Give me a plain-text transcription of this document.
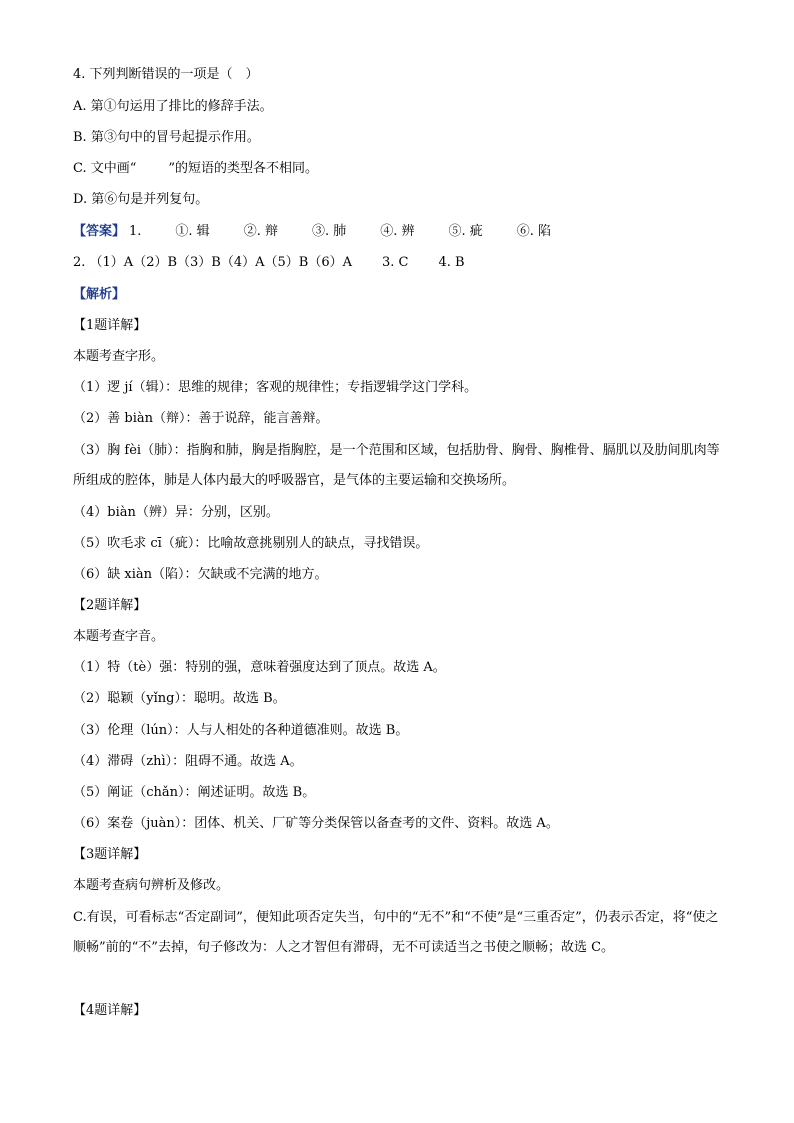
4. 下列判断错误的一项是（　）
A. 第①句运用了排比的修辞手法。
B. 第③句中的冒号起提示作用。
C. 文中画“ ”的短语的类型各不相同。
D. 第⑥句是并列复句。
【答案】 1.	①. 辑	②. 辩	③. 肺	④. 辨	⑤. 疵	⑥. 陷
2. （1）A（2）B（3）B（4）A（5）B（6）A 3. C 4. B
【解析】
【1题详解】
本题考查字形。
（1）逻 jí（辑）：思维的规律；客观的规律性；专指逻辑学这门学科。
（2）善 biàn（辩）：善于说辞，能言善辩。
（3）胸 fèi（肺）：指胸和肺，胸是指胸腔，是一个范围和区域，包括肋骨、胸骨、胸椎骨、膈肌以及肋间肌肉等所组成的腔体，肺是人体内最大的呼吸器官，是气体的主要运输和交换场所。
（4）biàn（辨）异：分别，区别。
（5）吹毛求 cī（疵）：比喻故意挑剔别人的缺点，寻找错误。
（6）缺 xiàn（陷）：欠缺或不完满的地方。
【2题详解】
本题考查字音。
（1）特（tè）强：特别的强，意味着强度达到了顶点。故选 A。
（2）聪颖（yǐng）：聪明。故选 B。
（3）伦理（lún）：人与人相处的各种道德准则。故选 B。
（4）滞碍（zhì）：阻碍不通。故选 A。
（5）阐证（chǎn）：阐述证明。故选 B。
（6）案卷（juàn）：团体、机关、厂矿等分类保管以备查考的文件、资料。故选 A。
【3题详解】
本题考查病句辨析及修改。
C.有误，可看标志“否定副词”，便知此项否定失当，句中的“无不”和“不使”是“三重否定”，仍表示否定，将“使之顺畅”前的“不”去掉，句子修改为：人之才智但有滞碍，无不可读适当之书使之顺畅；故选 C。
【4题详解】
